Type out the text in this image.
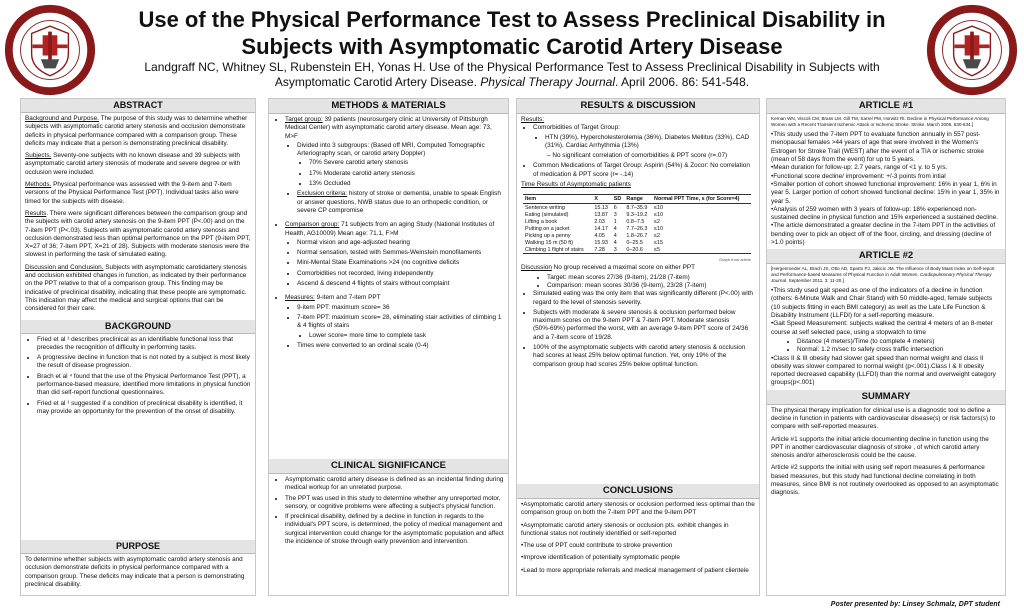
Use of the Physical Performance Test to Assess Preclinical Disability in
Subjects with Asymptomatic Carotid Artery Disease
Landgraff NC, Whitney SL, Rubenstein EH, Yonas H. Use of the Physical Performance Test to Assess Preclinical Disability in Subjects with Asymptomatic Carotid Artery Disease. Physical Therapy Journal. April 2006. 86: 541-548.
ABSTRACT

Background and Purpose. The purpose of this study was to determine whether subjects with asymptomatic carotid artery stenosis and occlusion demonstrate deficits in physical performance compared with a comparison group. These deficits may indicate that a person is demonstrating preclinical disability.

Subjects. Seventy-one subjects with no known disease and 39 subjects with asymptomatic carotid artery stenosis of moderate and severe degree or with occlusion were included.

Methods. Physical performance was assessed with the 9-item and 7-item versions of the Physical Performance Test (PPT). Individual tasks also were timed for the subjects with disease.

Results. There were significant differences between the comparison group and the subjects with carotid artery stenosis on the 9-item PPT (P<.00) and on the 7-item PPT (P<.03). Subjects with asymptomatic carotid artery stenosis and occlusion demonstrated less than optimal performance on the PPT (9-item PPT, X=27 of 36; 7-item PPT, X=21 of 28). Subjects with moderate stenosis were the slowest in performing the task of simulated eating.

Discussion and Conclusion. Subjects with asymptomatic carotidartery stenosis and occlusion exhibited changes in function, as indicated by their performance on the PPT relative to that of a comparison group. This finding may be indicative of preclinical disability, indicating that these people are symptomatic. This indication may affect the medical and surgical options that can be considered for their care.

BACKGROUND
• Fried et al ¹ describes preclinical as an identifiable functional loss that precedes the recognition of difficulty in performing tasks.
• A progressive decline in function that is not noted by a subject is most likely the result of disease progression.
• Brach et al ⁴ found that the use of the Physical Performance Test (PPT), a performance-based measure, identified more limitations in physical function than did self-report functional questionnaires.
• Fried et al ¹ suggested if a condition of preclinical disability is identified, it may provide an opportunity for the prevention of the onset of disability.
PURPOSE
To determine whether subjects with asymptomatic carotid artery stenosis and occlusion demonstrate deficits in physical performance compared with a comparison group. These deficits may indicate that a person is demonstrating preclinical disability.
METHODS & MATERIALS
• Target group: 39 patients (neurosurgery clinic at University of Pittsburgh Medical Center) with asymptomatic carotid artery disease. Mean age: 73, M>F
• Divided into 3 subgroups: (Based off MRI, Computed Tomographic Arteriography scan, or carotid artery Doppler)
• 70% Severe carotid artery stenosis
• 17% Moderate carotid artery stenosis
• 13% Occluded
• Exclusion criteria: history of stroke or dementia, unable to speak English or answer questions, NWB status due to an orthopedic condition, or severe CP compromise
• Comparison group: 71 subjects from an aging Study (National Institutes of Health, AG10009) Mean age: 71.1, F>M
• Normal vision and age-adjusted hearing
• Normal sensation, tested with Semmes-Weinstein monofilaments
• Mini-Mental State Examinations >24 (no cognitive deficits
• Comorbidities not recorded, living independently
• Ascend & descend 4 flights of stairs without complaint
• Measures: 9-item and 7-item PPT
• 9-item PPT: maximum score= 36
• 7-item PPT: maximum score= 28, eliminating stair activities of climbing 1 & 4 flights of stairs
• Lower score= more time to complete task
• Times were converted to an ordinal scale (0-4)
CLINICAL SIGNIFICANCE
• Asymptomatic carotid artery disease is defined as an incidental finding during medical workup for an unrelated purpose.
• The PPT was used in this study to determine whether any unreported motor, sensory, or cognitive problems were affecting a subject's physical function.
• If preclinical disability, defined by a decline in function in regards to the individual's PPT score, is determined, the policy of medical management and surgical intervention could change for the asymptomatic population and affect the incidence of stroke through early prevention and intervention.
RESULTS & DISCUSSION
Results:
• Comorbidities of Target Group:
• HTN (39%), Hypercholesterolemia (36%), Diabetes Mellitus (33%), CAD (31%), Cardiac Arrhythmia (13%)
– No significant correlation of comorbidities & PPT score (r=.07)
• Common Medications of Target Group: Aspirin (54%) & Zocor: No correlation of medication & PPT score (r= -.14)
Time Results of Asymptomatic patients
Item	X	SD	Range	Normal PPT Time, s (for Score=4)
Sentence writing	15.13	6	8.7–35.9	≤10
Eating (simulated)	13.87	3	9.3–19.2	≤10
Lifting a book	2.03	1	0.8–7.5	≤2
Putting on a jacket	14.17	4	7.7–26.3	≤10
Picking up a penny	4.05	4	1.8–26.7	≤2
Walking 15 m (50 ft)	15.93	4	0–25.5	≤15
Climbing 1 flight of stairs	7.28	3	0–20.6	≤5
Graph from article
Discussion No group received a maximal score on either PPT
• Target: mean scores 27/36 (9-item), 21/28 (7-item)
• Comparison: mean scores 30/36 (9-item), 23/28 (7-item)
• Simulated eating was the only item that was significantly different (P<.00) with regard to the level of stenosis severity.
• Subjects with moderate & severe stenosis & occlusion performed below maximum scores on the 9-item PPT & 7-item PPT. Moderate stenosis (50%-69%) performed the worst, with an average 9-item PPT score of 24/36 and a 7-item score of 19/28.
• 100% of the asymptomatic subjects with carotid artery stenosis & occlusion had scores at least 25% below optimal function. Yet, only 19% of the comparison group had scores 25% below optimal function.
CONCLUSIONS

•Asymptomatic carotid artery stenosis or occlusion performed less optimal than the comparison group on both the 7-item PPT and the 9-item PPT

•Asymptomatic carotid artery stenosis or occlusion pts. exhibit changes in functional status not routinely identified or self-reported

•The use of PPT could contribute to stroke prevention

•Improve identification of potentially symptomatic people

•Lead to more appropriate referrals and medical management of patient clientele

ARTICLE #1

Kernan WN, Viscoli CM, Brass LM, Gill TM, Sarrel PM, Horwitz RI. Decline in Physical Performance Among Women with a Recent Transient Ischemic Attack or Ischemic Stroke. Stroke. March 2005. 630-634.]

•This study used the 7-item PPT to evaluate function annually in 557 post-menopausal females >44 years of age that were involved in the Women's Estrogen for Stroke Trail (WEST) after the event of a TIA or ischemic stroke (mean of 58 days from the event) for up to 5 years.
•Mean duration for follow-up: 2.7 years, range of <1 y. to 5 yrs.
•Functional score decline/ improvement: +/-3 points from intial
•Smaller portion of cohort showed functional improvement: 16% in year 1, 6% in year 5. Larger portion of cohort showed functional decline: 15% in year 1, 35% in year 5.
•Analysis of 259 women with 3 years of follow-up: 18% experienced non-sustained decline in physical function and 15% experienced a sustained decline.
•The article demonstrated a greater decline in the 7-item PPT in the activities of bending over to pick an object off of the floor, circling, and dressing (decline of >1.0 points)
ARTICLE #2

[Hergenroeder AL, Brach JS, Otto AD, Sparto PJ, Jakicic JM. The Influence of Body Mass Index on Self-report and Performance-based Measures of Physical Function in Adult Women. Cardiopulmonary Physical Therapy Journal. September 2011. 3: 11-20.]

•This study used gait speed as one of the indicators of a decline in function (others: 6-Minute Walk and Chair Stand) with 50 middle-aged, female subjects (10 subjects fitting in each BMI category) as well as the Late Life Function & Disability Instrument (LLFDI) for a self-reporting measure.
•Gait Speed Measurement: subjects walked the central 4 meters of an 8-meter course at self selected pace, using a stopwatch to time
• Distance (4 meters)/Time (to complete 4 meters)
• Normal: 1.2 m/sec to safely cross traffic intersection
•Class II & III obesity had slower gait speed than normal weight and class II obesity was slower compared to normal weight (p<.001).Class I & II obesity reported decreased capability (LLFDI) than the normal and overweight category groups(p<.001)
SUMMARY

The physical therapy implication for clinical use is a diagnostic tool to define a decline in function in patients with cardiovascular disease(s) or risk factors(s) to compare with self-reported measures.

Article #1 supports the initial article documenting decline in function using the PPT in another cardiovascular diagnosis of stroke , of which carotid artery stenosis and/or atherosclerosis could be the cause.

Article #2 supports the initial with using self report measures & performance based measures, but this study had functional decline correlating in both measures, since BMI is not routinely overlooked as opposed to an asymptomatic diagnosis.

Poster presented by: Linsey Schmalz, DPT student
